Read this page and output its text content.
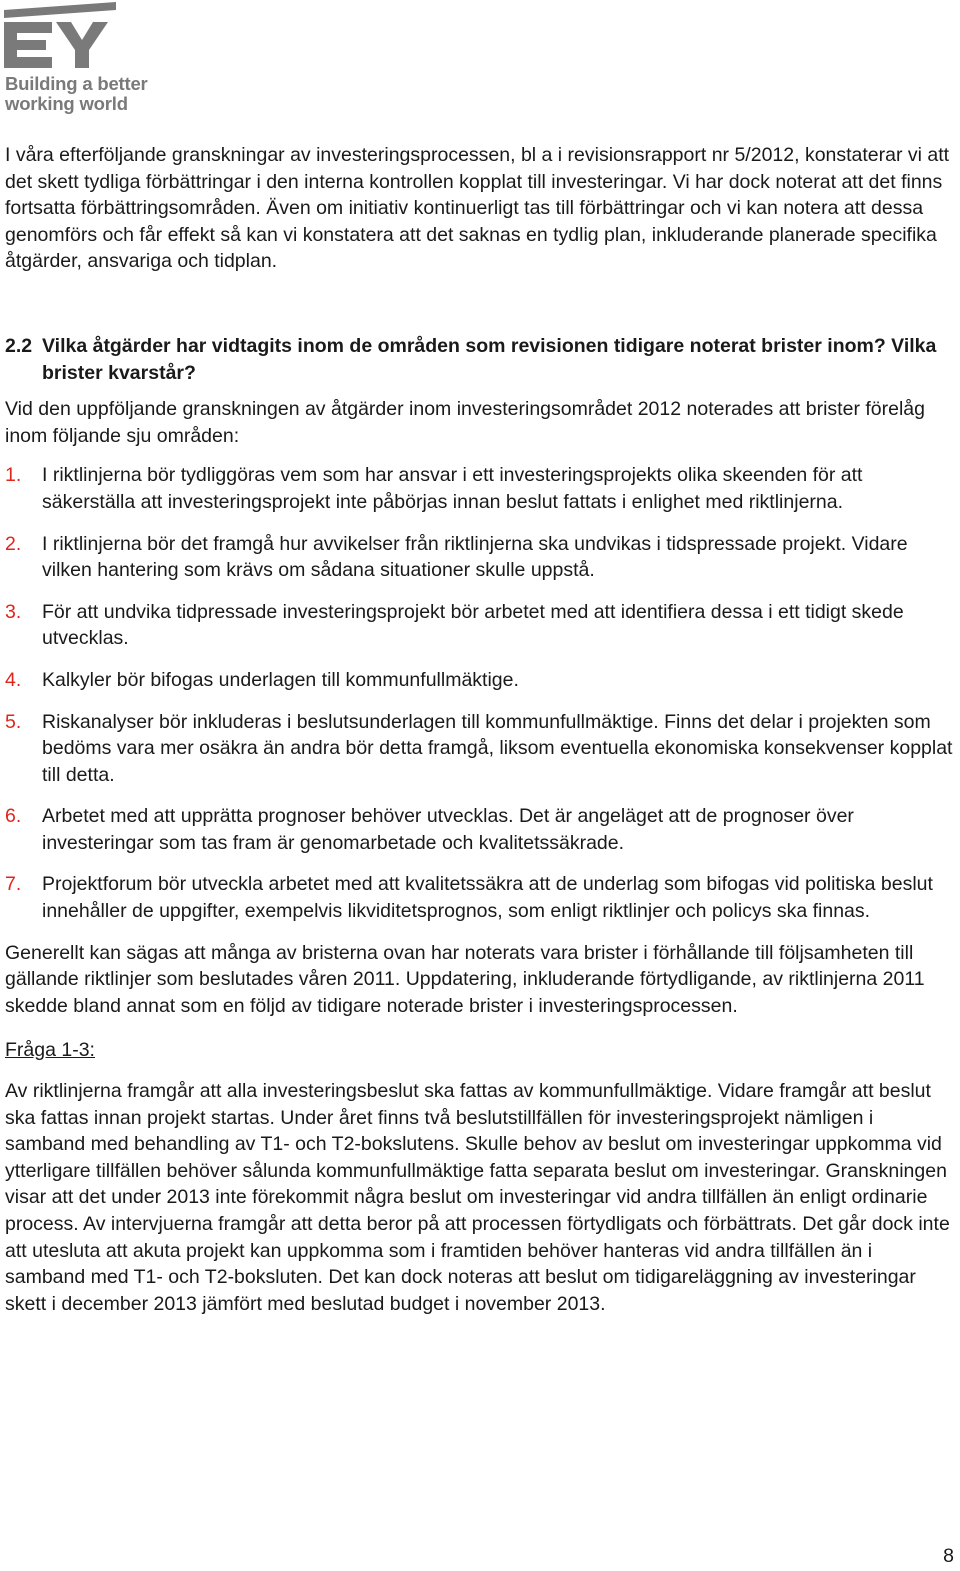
Building a better
working world

I våra efterföljande granskningar av investeringsprocessen, bl a i revisionsrapport nr 5/2012, konstaterar vi att det skett tydliga förbättringar i den interna kontrollen kopplat till investeringar. Vi har dock noterat att det finns fortsatta förbättringsområden. Även om initiativ kontinuerligt tas till förbättringar och vi kan notera att dessa genomförs och får effekt så kan vi konstatera att det saknas en tydlig plan, inkluderande planerade specifika åtgärder, ansvariga och tidplan.

2.2 Vilka åtgärder har vidtagits inom de områden som revisionen tidigare noterat brister inom? Vilka brister kvarstår?

Vid den uppföljande granskningen av åtgärder inom investeringsområdet 2012 noterades att brister förelåg inom följande sju områden:

1.	I riktlinjerna bör tydliggöras vem som har ansvar i ett investeringsprojekts olika skeenden för att säkerställa att investeringsprojekt inte påbörjas innan beslut fattats i enlighet med riktlinjerna.
2.	I riktlinjerna bör det framgå hur avvikelser från riktlinjerna ska undvikas i tidspressade projekt. Vidare vilken hantering som krävs om sådana situationer skulle uppstå.
3.	För att undvika tidpressade investeringsprojekt bör arbetet med att identifiera dessa i ett tidigt skede utvecklas.
4.	Kalkyler bör bifogas underlagen till kommunfullmäktige.
5.	Riskanalyser bör inkluderas i beslutsunderlagen till kommunfullmäktige. Finns det delar i projekten som bedöms vara mer osäkra än andra bör detta framgå, liksom eventuella ekonomiska konsekvenser kopplat till detta.
6.	Arbetet med att upprätta prognoser behöver utvecklas. Det är angeläget att de prognoser över investeringar som tas fram är genomarbetade och kvalitetssäkrade.
7.	Projektforum bör utveckla arbetet med att kvalitetssäkra att de underlag som bifogas vid politiska beslut innehåller de uppgifter, exempelvis likviditetsprognos, som enligt riktlinjer och policys ska finnas.

Generellt kan sägas att många av bristerna ovan har noterats vara brister i förhållande till följsamheten till gällande riktlinjer som beslutades våren 2011. Uppdatering, inkluderande förtydligande, av riktlinjerna 2011 skedde bland annat som en följd av tidigare noterade brister i investeringsprocessen.

Fråga 1-3:

Av riktlinjerna framgår att alla investeringsbeslut ska fattas av kommunfullmäktige. Vidare framgår att beslut ska fattas innan projekt startas. Under året finns två beslutstillfällen för investeringsprojekt nämligen i samband med behandling av T1- och T2-bokslutens. Skulle behov av beslut om investeringar uppkomma vid ytterligare tillfällen behöver sålunda kommunfullmäktige fatta separata beslut om investeringar. Granskningen visar att det under 2013 inte förekommit några beslut om investeringar vid andra tillfällen än enligt ordinarie process. Av intervjuerna framgår att detta beror på att processen förtydligats och förbättrats. Det går dock inte att utesluta att akuta projekt kan uppkomma som i framtiden behöver hanteras vid andra tillfällen än i samband med T1- och T2-boksluten. Det kan dock noteras att beslut om tidigareläggning av investeringar skett i december 2013 jämfört med beslutad budget i november 2013.

8
